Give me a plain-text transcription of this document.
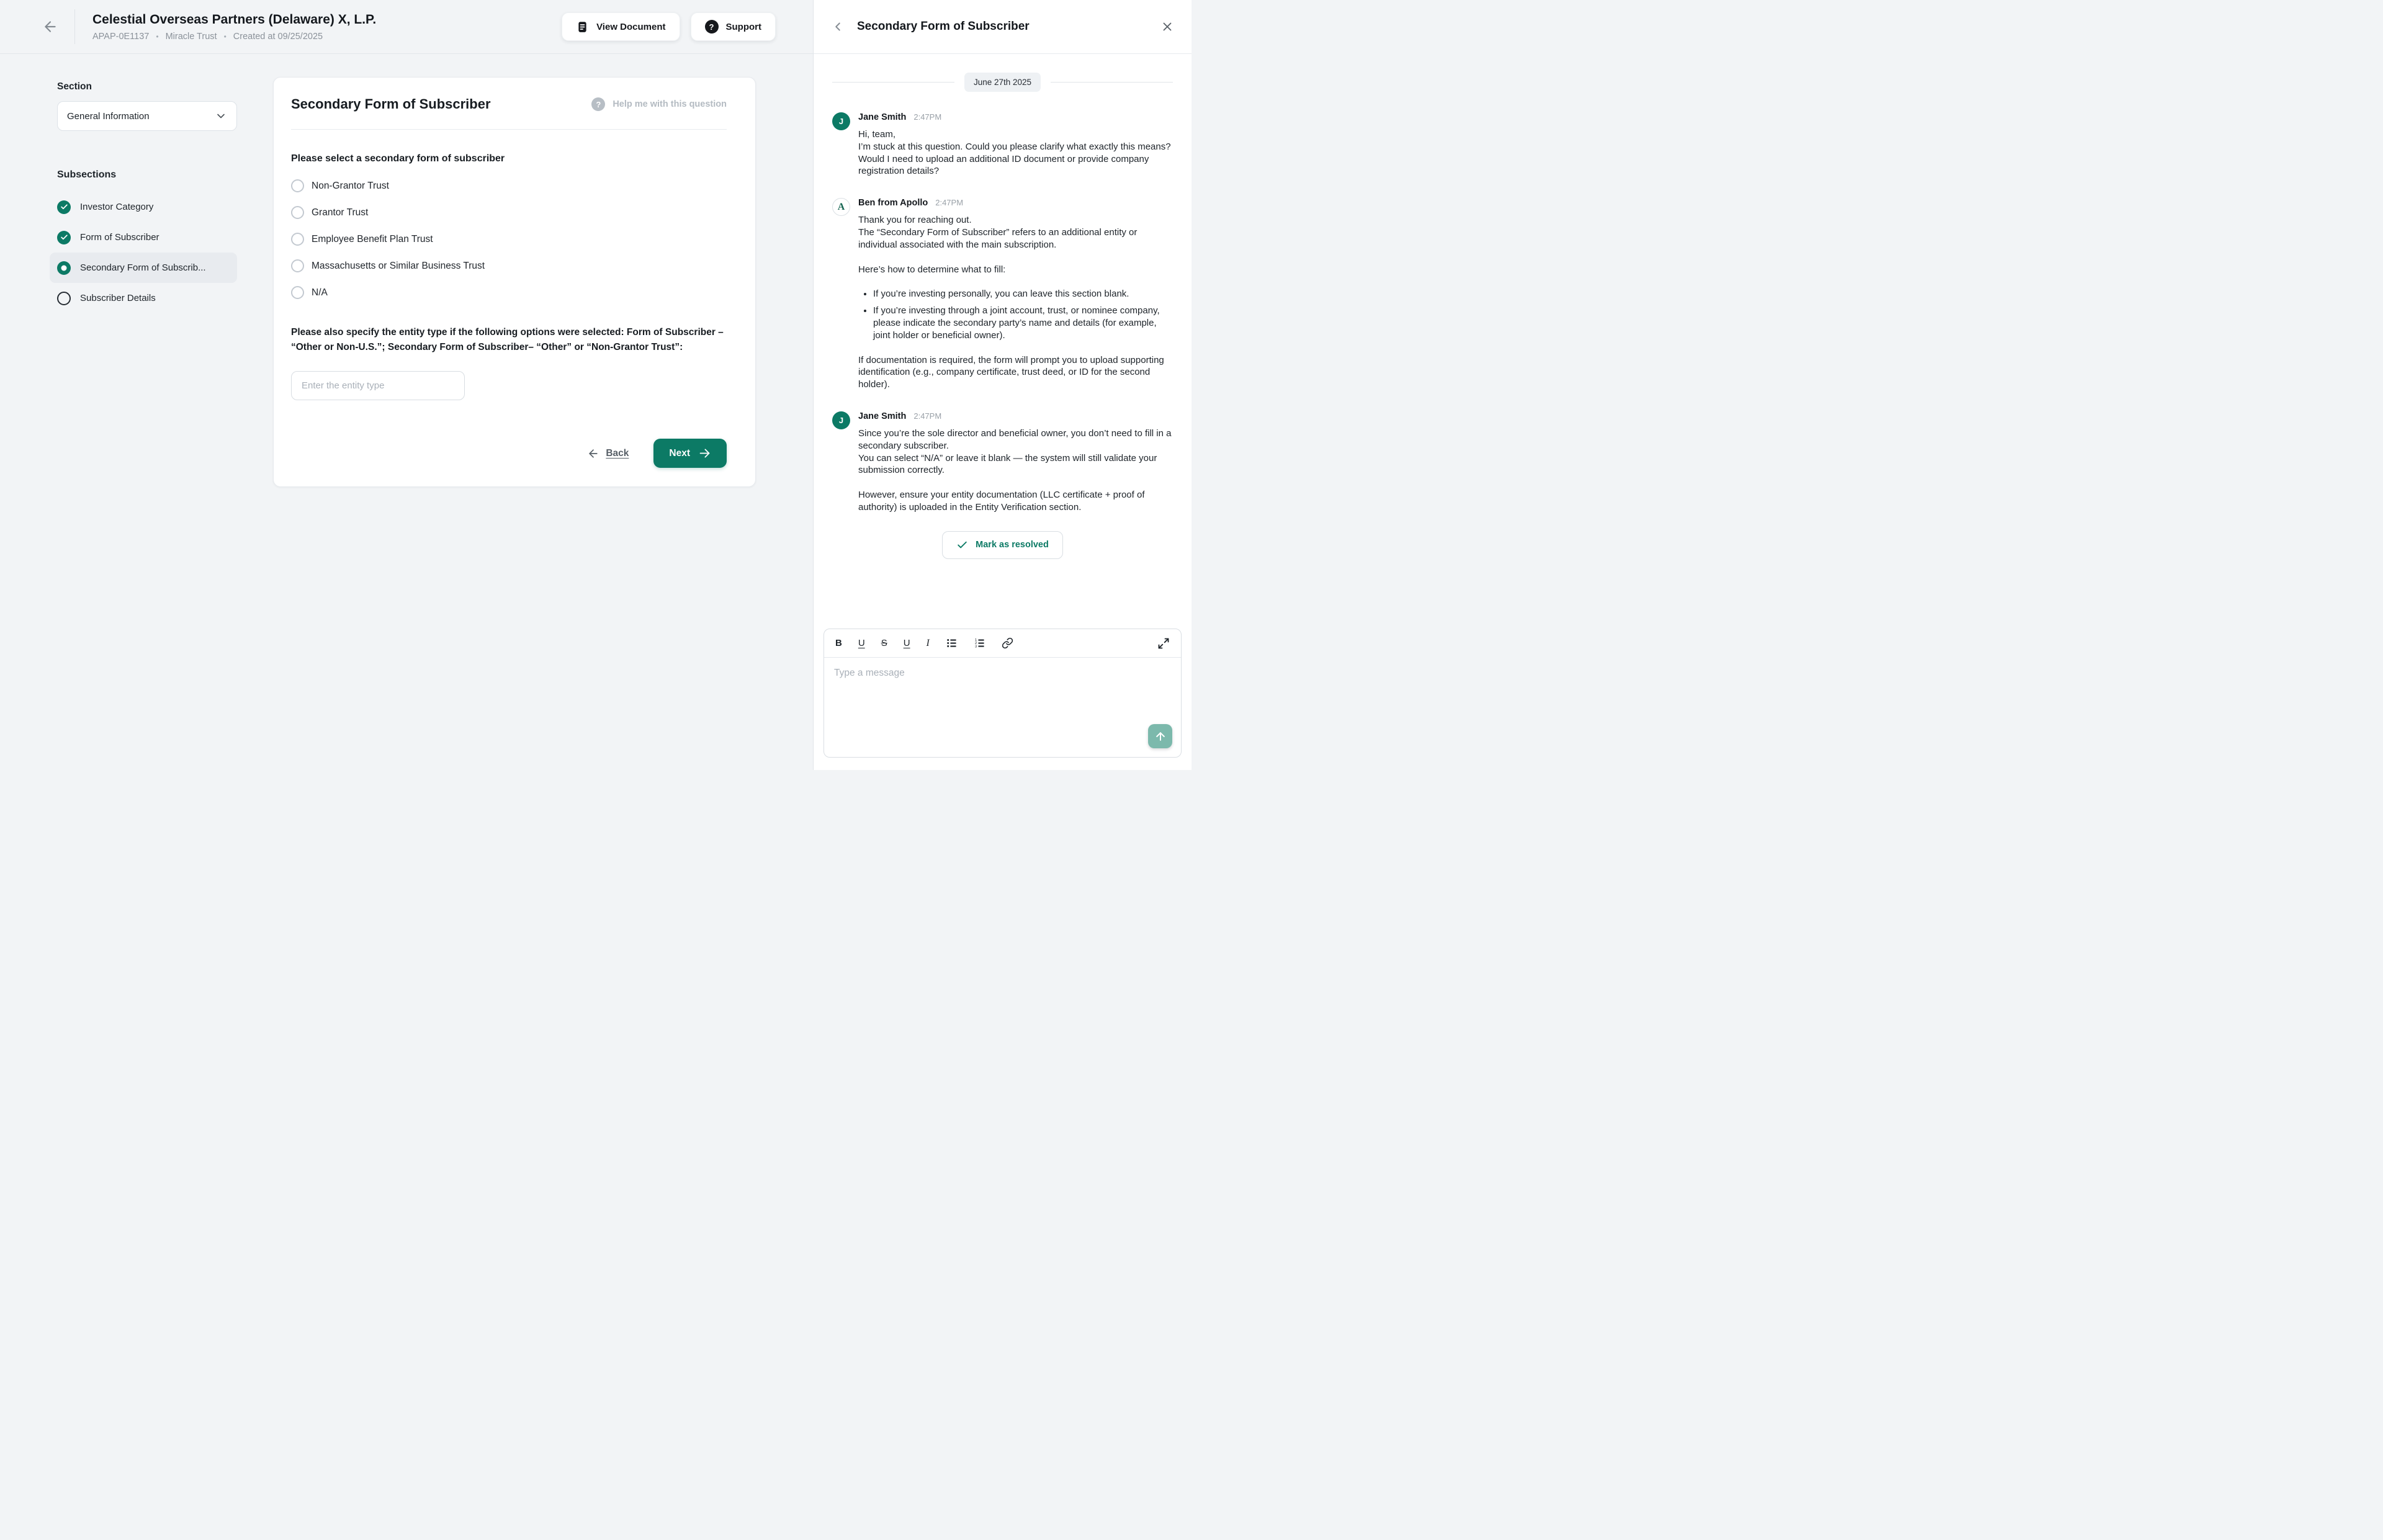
Celestial Overseas Partners (Delaware) X, L.P.
APAP-0E1137 • Miracle Trust • Created at 09/25/2025
View Document ?	Support
Section
General Information
Subsections
Investor Category
Form of Subscriber
Secondary Form of Subscrib...
Subscriber Details
Secondary Form of Subscriber ?	Help me with this question
Please select a secondary form of subscriber
Non-Grantor Trust
Grantor Trust
Employee Benefit Plan Trust
Massachusetts or Similar Business Trust
N/A
Please also specify the entity type if the following options were selected: Form of Subscriber – “Other or Non-U.S.”; Secondary Form of Subscriber– “Other” or “Non-Grantor Trust”:
Enter the entity type
Back	Next
Secondary Form of Subscriber
June 27th 2025
J	Jane Smith 2:47PM
Hi, team,
I’m stuck at this question. Could you please clarify what exactly this means?
Would I need to upload an additional ID document or provide company registration details?
A	Ben from Apollo 2:47PM
Thank you for reaching out.
The “Secondary Form of Subscriber” refers to an additional entity or individual associated with the main subscription.
Here’s how to determine what to fill:
• If you’re investing personally, you can leave this section blank.
• If you’re investing through a joint account, trust, or nominee company, please indicate the secondary party’s name and details (for example, joint holder or beneficial owner).
If documentation is required, the form will prompt you to upload supporting identification (e.g., company certificate, trust deed, or ID for the second holder).
J	Jane Smith 2:47PM
Since you’re the sole director and beneficial owner, you don’t need to fill in a secondary subscriber.
You can select “N/A” or leave it blank — the system will still validate your submission correctly.
However, ensure your entity documentation (LLC certificate + proof of authority) is uploaded in the Entity Verification section.
Mark as resolved
B U S U I	1
2
3
Type a message
